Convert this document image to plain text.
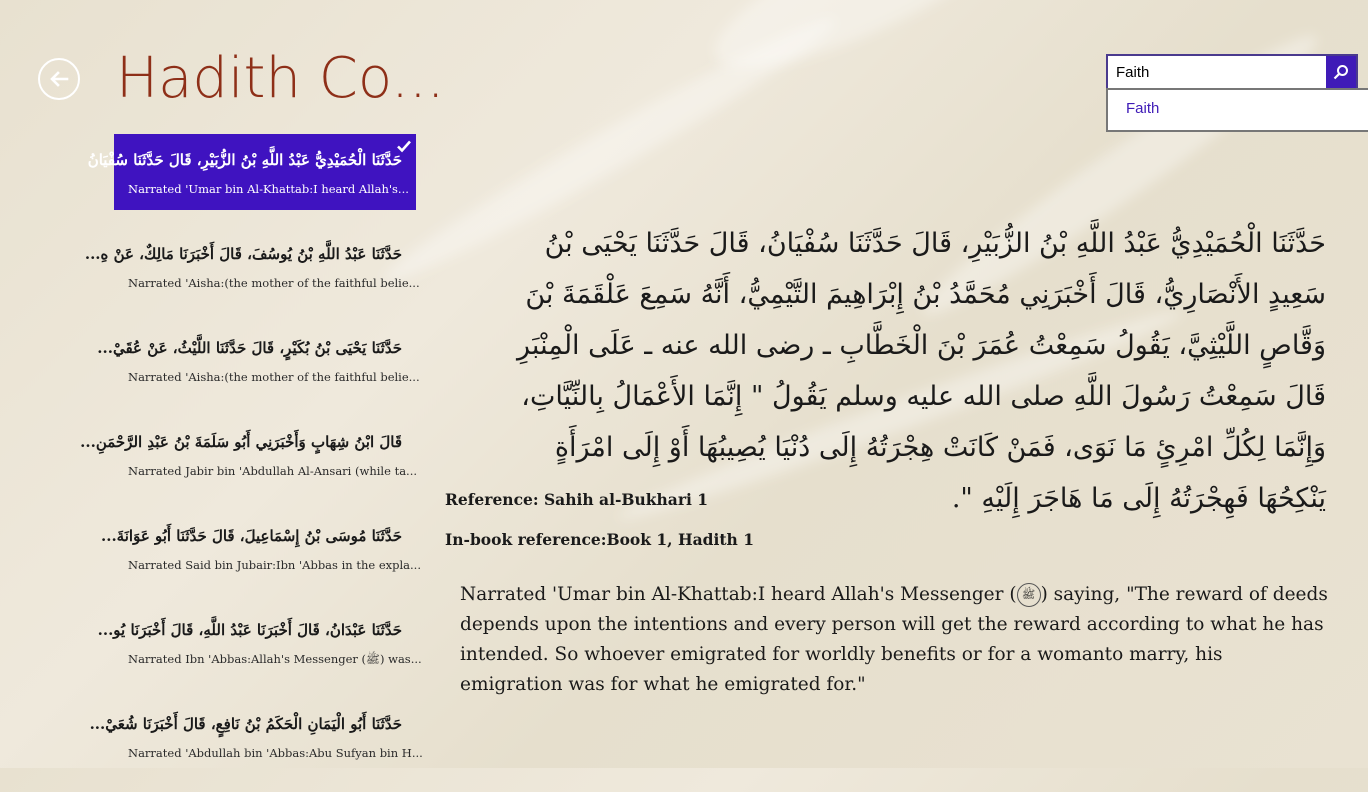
Hadith Co...
Faith	Faith
حَدَّثَنَا الْحُمَيْدِيُّ عَبْدُ اللَّهِ بْنُ الزُّبَيْرِ، قَالَ حَدَّثَنَا سُفْيَانُ
Narrated 'Umar bin Al-Khattab:I heard Allah's...
حَدَّثَنَا عَبْدُ اللَّهِ بْنُ يُوسُفَ، قَالَ أَخْبَرَنَا مَالِكٌ، عَنْ هِ...
Narrated 'Aisha:(the mother of the faithful belie...
حَدَّثَنَا يَحْيَى بْنُ بُكَيْرٍ، قَالَ حَدَّثَنَا اللَّيْثُ، عَنْ عُقَيْ...
Narrated 'Aisha:(the mother of the faithful belie...
قَالَ ابْنُ شِهَابٍ وَأَخْبَرَنِي أَبُو سَلَمَةَ بْنُ عَبْدِ الرَّحْمَنِ...
Narrated Jabir bin 'Abdullah Al-Ansari (while ta...
حَدَّثَنَا مُوسَى بْنُ إِسْمَاعِيلَ، قَالَ حَدَّثَنَا أَبُو عَوَانَةَ...
Narrated Said bin Jubair:Ibn 'Abbas in the expla...
حَدَّثَنَا عَبْدَانُ، قَالَ أَخْبَرَنَا عَبْدُ اللَّهِ، قَالَ أَخْبَرَنَا يُو...
Narrated Ibn 'Abbas:Allah's Messenger (ﷺ) was...
حَدَّثَنَا أَبُو الْيَمَانِ الْحَكَمُ بْنُ نَافِعٍ، قَالَ أَخْبَرَنَا شُعَيْ...
Narrated 'Abdullah bin 'Abbas:Abu Sufyan bin H...
حَدَّثَنَا الْحُمَيْدِيُّ عَبْدُ اللَّهِ بْنُ الزُّبَيْرِ، قَالَ حَدَّثَنَا سُفْيَانُ، قَالَ حَدَّثَنَا يَحْيَى بْنُ سَعِيدٍ الأَنْصَارِيُّ، قَالَ أَخْبَرَنِي مُحَمَّدُ بْنُ إِبْرَاهِيمَ التَّيْمِيُّ، أَنَّهُ سَمِعَ عَلْقَمَةَ بْنَ وَقَّاصٍ اللَّيْثِيَّ، يَقُولُ سَمِعْتُ عُمَرَ بْنَ الْخَطَّابِ ـ رضى الله عنه ـ عَلَى الْمِنْبَرِ قَالَ سَمِعْتُ رَسُولَ اللَّهِ صلى الله عليه وسلم يَقُولُ " إِنَّمَا الأَعْمَالُ بِالنِّيَّاتِ، وَإِنَّمَا لِكُلِّ امْرِئٍ مَا نَوَى، فَمَنْ كَانَتْ هِجْرَتُهُ إِلَى دُنْيَا يُصِيبُهَا أَوْ إِلَى امْرَأَةٍ يَنْكِحُهَا فَهِجْرَتُهُ إِلَى مَا هَاجَرَ إِلَيْهِ ".
Reference: Sahih al-Bukhari 1
In-book reference:Book 1, Hadith 1
Narrated 'Umar bin Al-Khattab:I heard Allah's Messenger ( ﷺ ) saying, "The reward of deeds depends upon the intentions and every person will get the reward according to what he has intended. So whoever emigrated for worldly benefits or for a womanto marry, his emigration was for what he emigrated for."
